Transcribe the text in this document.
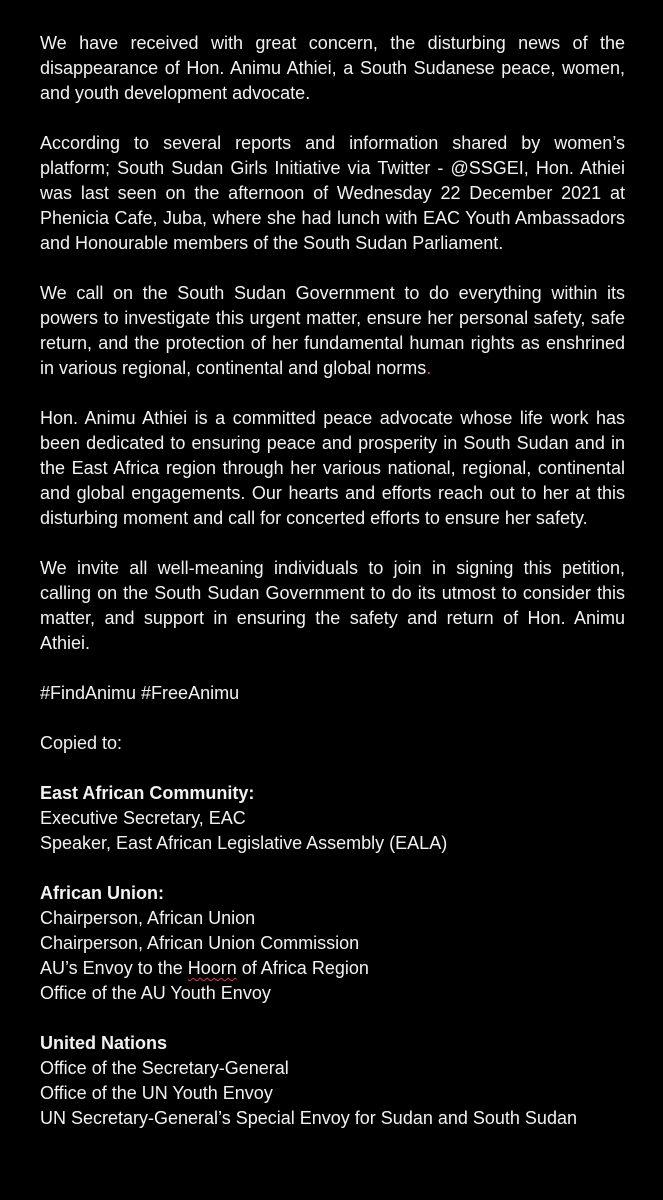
We have received with great concern, the disturbing news of the disappearance of Hon. Animu Athiei, a South Sudanese peace, women, and youth development advocate.

According to several reports and information shared by women’s platform; South Sudan Girls Initiative via Twitter - @SSGEI, Hon. Athiei was last seen on the afternoon of Wednesday 22 December 2021 at Phenicia Cafe, Juba, where she had lunch with EAC Youth Ambassadors and Honourable members of the South Sudan Parliament.

We call on the South Sudan Government to do everything within its powers to investigate this urgent matter, ensure her personal safety, safe return, and the protection of her fundamental human rights as enshrined in various regional, continental and global norms.

Hon. Animu Athiei is a committed peace advocate whose life work has been dedicated to ensuring peace and prosperity in South Sudan and in the East Africa region through her various national, regional, continental and global engagements. Our hearts and efforts reach out to her at this disturbing moment and call for concerted efforts to ensure her safety.

We invite all well-meaning individuals to join in signing this petition, calling on the South Sudan Government to do its utmost to consider this matter, and support in ensuring the safety and return of Hon. Animu Athiei.

#FindAnimu #FreeAnimu

Copied to:

East African Community:
Executive Secretary, EAC
Speaker, East African Legislative Assembly (EALA)
African Union:
Chairperson, African Union
Chairperson, African Union Commission
AU’s Envoy to the Hoorn of Africa Region
Office of the AU Youth Envoy
United Nations
Office of the Secretary-General
Office of the UN Youth Envoy
UN Secretary-General’s Special Envoy for Sudan and South Sudan
